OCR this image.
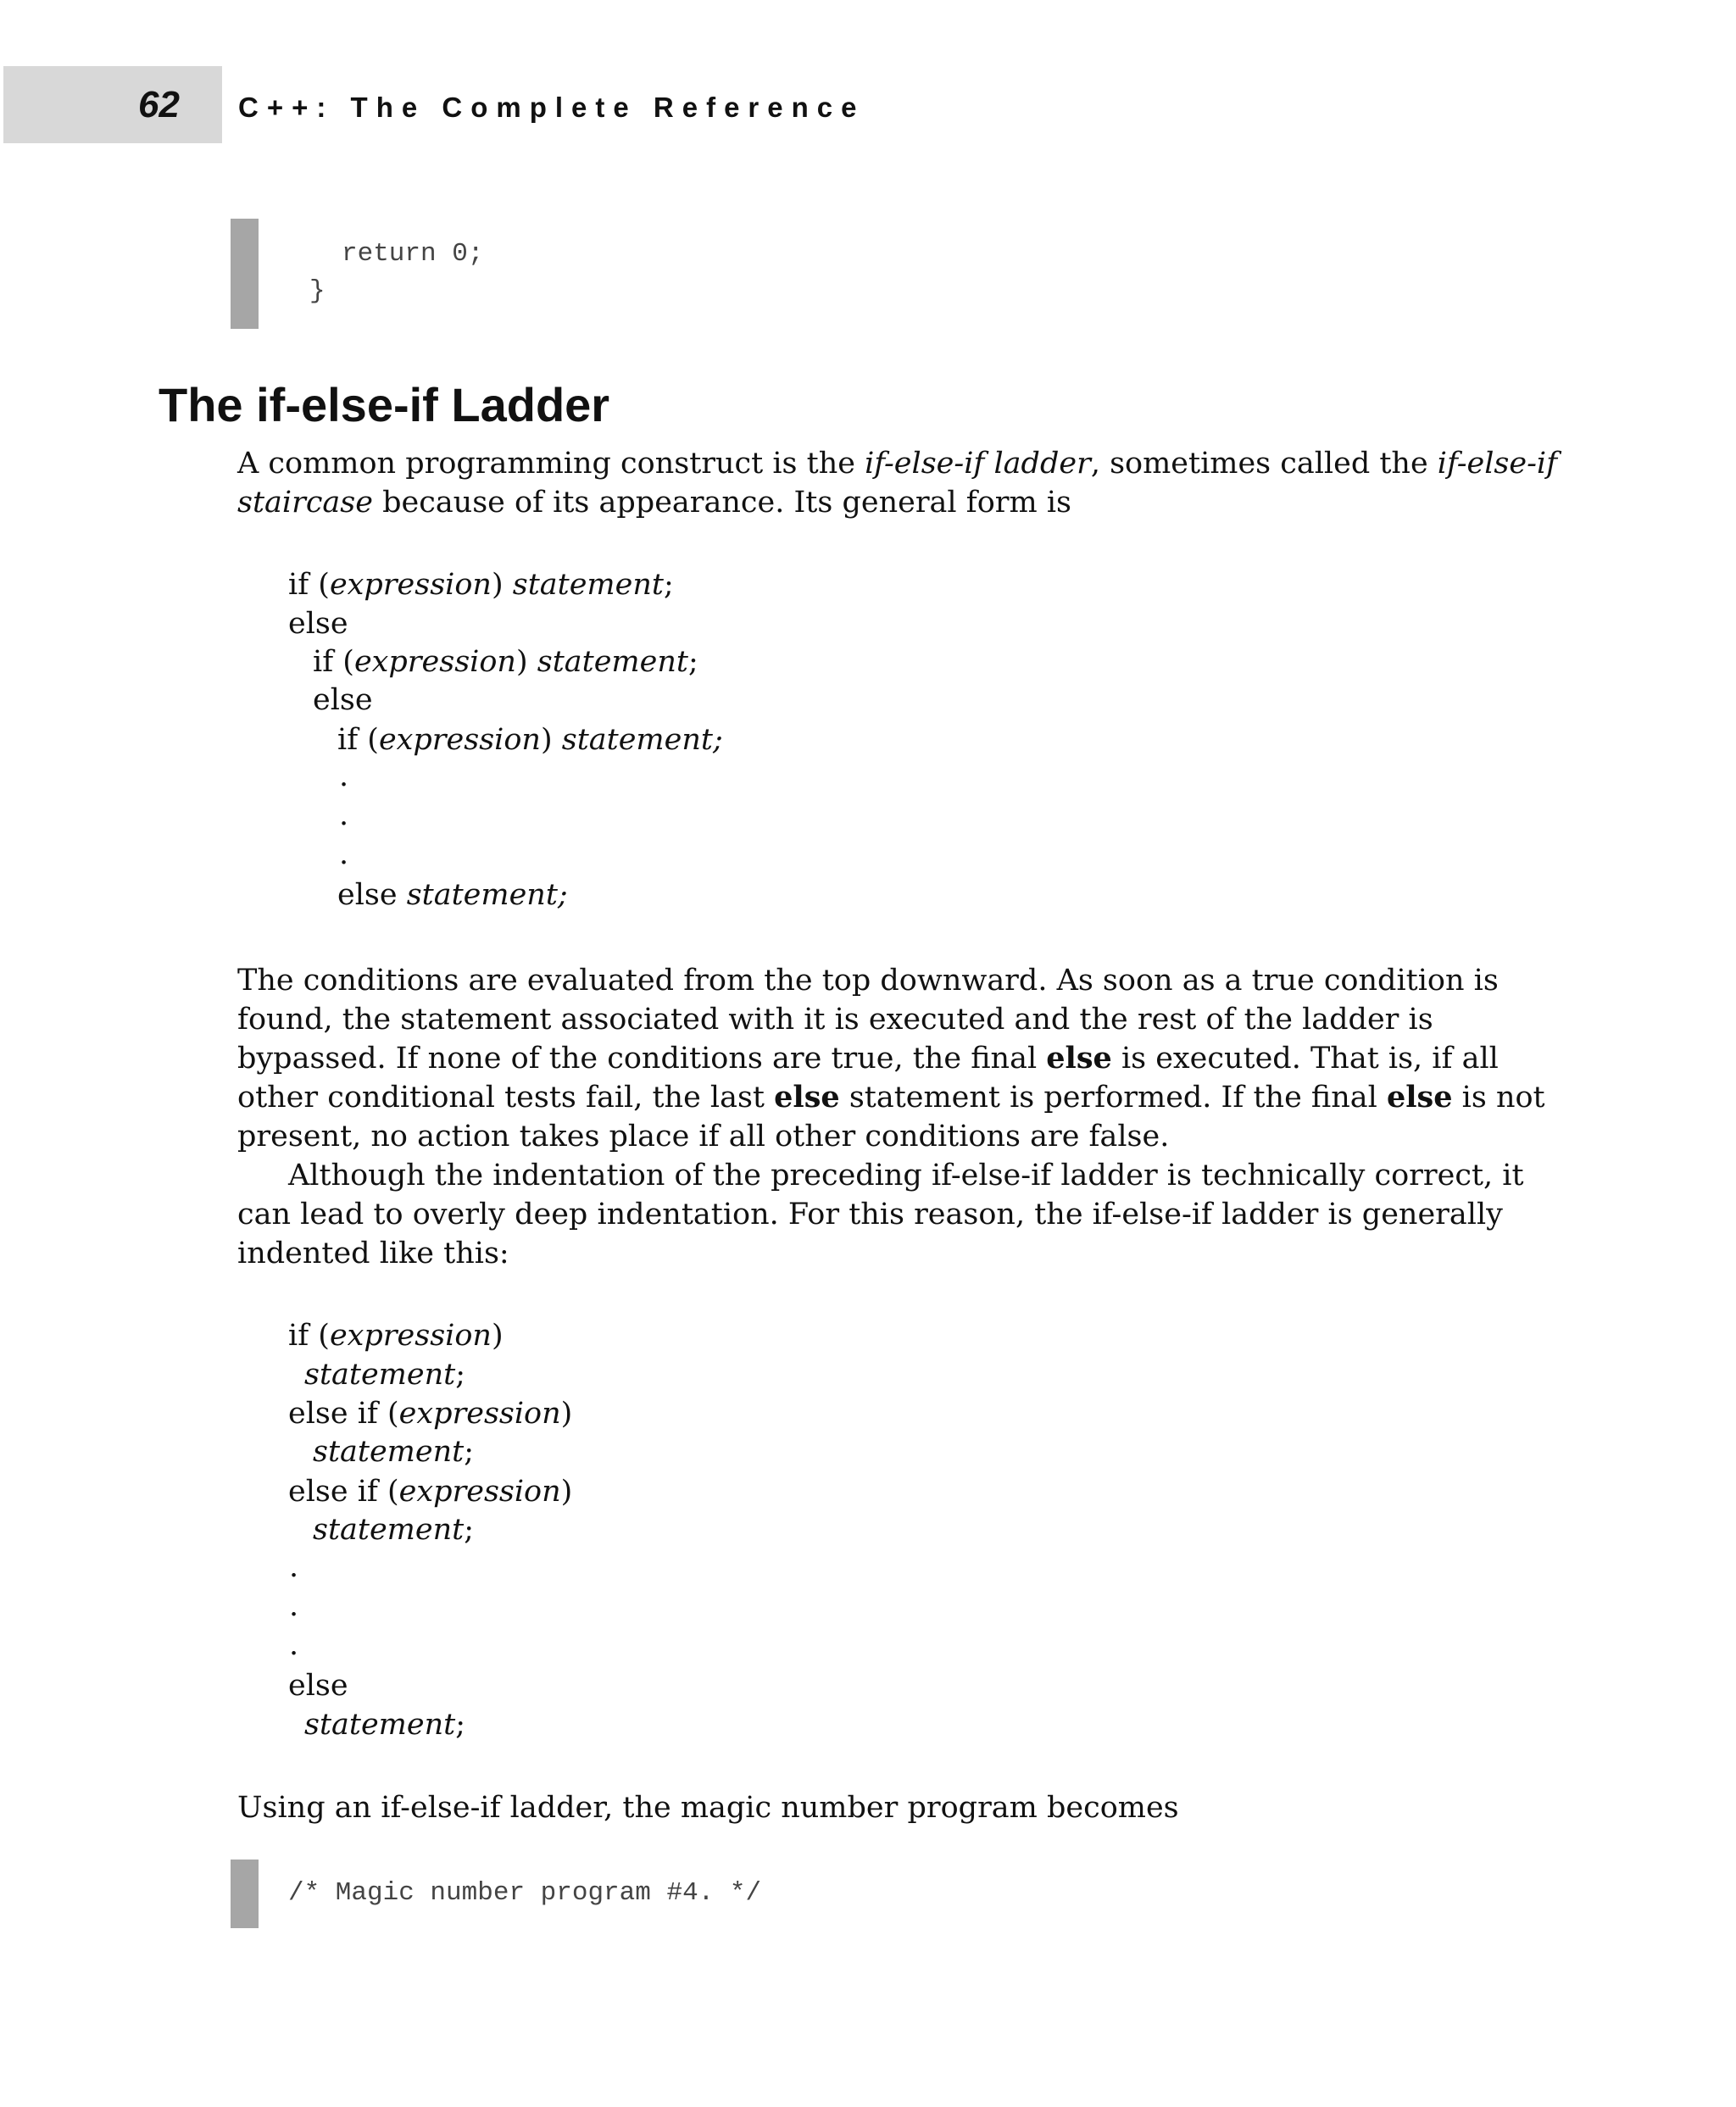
62 C++: The Complete Reference
return 0;
}
The if-else-if Ladder
A common programming construct is the if-else-if ladder, sometimes called the if-else-if
staircase because of its appearance. Its general form is
if (expression) statement;
else
if (expression) statement;
else
if (expression) statement;
.
.
.
else statement;
The conditions are evaluated from the top downward. As soon as a true condition is
found, the statement associated with it is executed and the rest of the ladder is
bypassed. If none of the conditions are true, the final else is executed. That is, if all
other conditional tests fail, the last else statement is performed. If the final else is not
present, no action takes place if all other conditions are false.
Although the indentation of the preceding if-else-if ladder is technically correct, it
can lead to overly deep indentation. For this reason, the if-else-if ladder is generally
indented like this:
if (expression)
statement;
else if (expression)
statement;
else if (expression)
statement;
.
.
.
else
statement;
Using an if-else-if ladder, the magic number program becomes
/* Magic number program #4. */
